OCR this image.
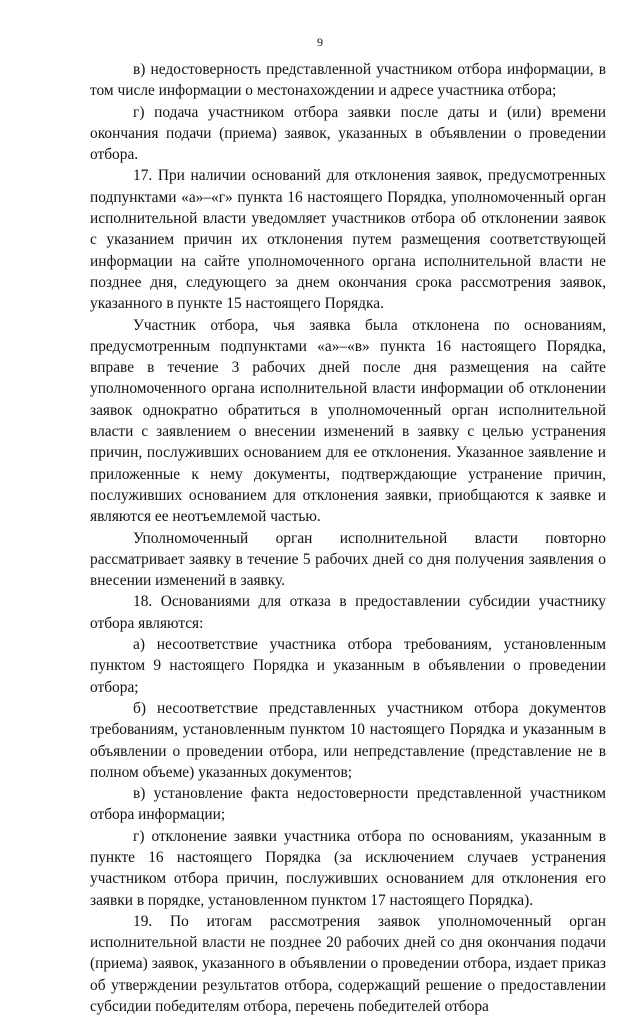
9

в) недостоверность представленной участником отбора информации, в том числе информации о местонахождении и адресе участника отбора;

г) подача участником отбора заявки после даты и (или) времени окончания подачи (приема) заявок, указанных в объявлении о проведении отбора.

17. При наличии оснований для отклонения заявок, предусмотренных подпунктами «а»–«г» пункта 16 настоящего Порядка, уполномоченный орган исполнительной власти уведомляет участников отбора об отклонении заявок с указанием причин их отклонения путем размещения соответствующей информации на сайте уполномоченного органа исполнительной власти не позднее дня, следующего за днем окончания срока рассмотрения заявок, указанного в пункте 15 настоящего Порядка.

Участник отбора, чья заявка была отклонена по основаниям, предусмотренным подпунктами «а»–«в» пункта 16 настоящего Порядка, вправе в течение 3 рабочих дней после дня размещения на сайте уполномоченного органа исполнительной власти информации об отклонении заявок однократно обратиться в уполномоченный орган исполнительной власти с заявлением о внесении изменений в заявку с целью устранения причин, послуживших основанием для ее отклонения. Указанное заявление и приложенные к нему документы, подтверждающие устранение причин, послуживших основанием для отклонения заявки, приобщаются к заявке и являются ее неотъемлемой частью.

Уполномоченный орган исполнительной власти повторно рассматривает заявку в течение 5 рабочих дней со дня получения заявления о внесении изменений в заявку.

18. Основаниями для отказа в предоставлении субсидии участнику отбора являются:

а) несоответствие участника отбора требованиям, установленным пунктом 9 настоящего Порядка и указанным в объявлении о проведении отбора;

б) несоответствие представленных участником отбора документов требованиям, установленным пунктом 10 настоящего Порядка и указанным в объявлении о проведении отбора, или непредставление (представление не в полном объеме) указанных документов;

в) установление факта недостоверности представленной участником отбора информации;

г) отклонение заявки участника отбора по основаниям, указанным в пункте 16 настоящего Порядка (за исключением случаев устранения участником отбора причин, послуживших основанием для отклонения его заявки в порядке, установленном пунктом 17 настоящего Порядка).

19. По итогам рассмотрения заявок уполномоченный орган исполнительной власти не позднее 20 рабочих дней со дня окончания подачи (приема) заявок, указанного в объявлении о проведении отбора, издает приказ об утверждении результатов отбора, содержащий решение о предоставлении субсидии победителям отбора, перечень победителей отбора
